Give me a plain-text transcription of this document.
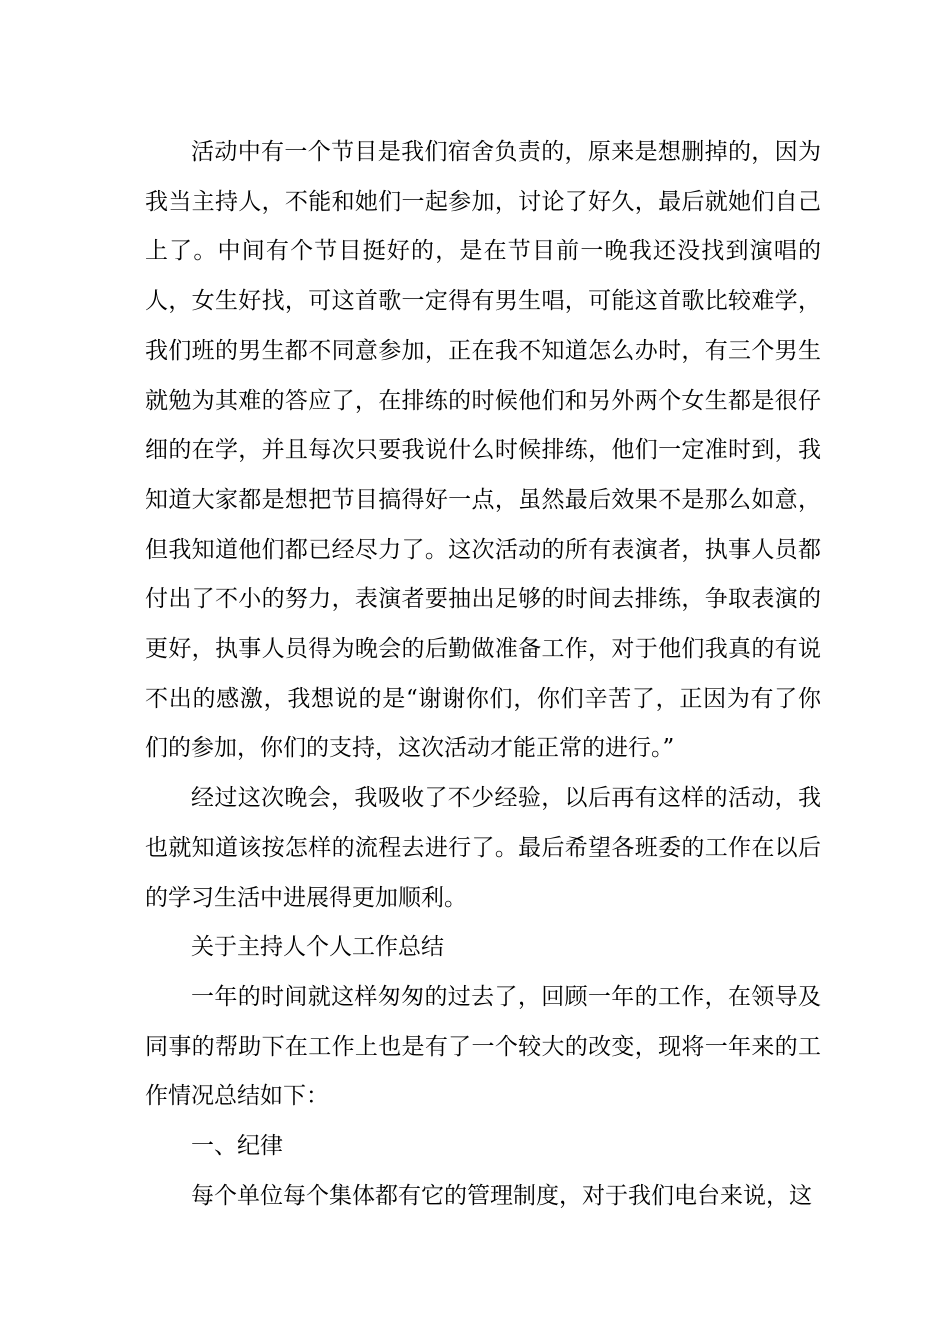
活动中有一个节目是我们宿舍负责的，原来是想删掉的，因为我当主持人，不能和她们一起参加，讨论了好久，最后就她们自己上了。中间有个节目挺好的，是在节目前一晚我还没找到演唱的人，女生好找，可这首歌一定得有男生唱，可能这首歌比较难学，我们班的男生都不同意参加，正在我不知道怎么办时，有三个男生就勉为其难的答应了，在排练的时候他们和另外两个女生都是很仔细的在学，并且每次只要我说什么时候排练，他们一定准时到，我知道大家都是想把节目搞得好一点，虽然最后效果不是那么如意，但我知道他们都已经尽力了。这次活动的所有表演者，执事人员都付出了不小的努力，表演者要抽出足够的时间去排练，争取表演的更好，执事人员得为晚会的后勤做准备工作，对于他们我真的有说不出的感激，我想说的是“谢谢你们，你们辛苦了，正因为有了你们的参加，你们的支持，这次活动才能正常的进行。”

经过这次晚会，我吸收了不少经验，以后再有这样的活动，我也就知道该按怎样的流程去进行了。最后希望各班委的工作在以后的学习生活中进展得更加顺利。

关于主持人个人工作总结

一年的时间就这样匆匆的过去了，回顾一年的工作，在领导及同事的帮助下在工作上也是有了一个较大的改变，现将一年来的工作情况总结如下：

一、纪律

每个单位每个集体都有它的管理制度，对于我们电台来说，这
